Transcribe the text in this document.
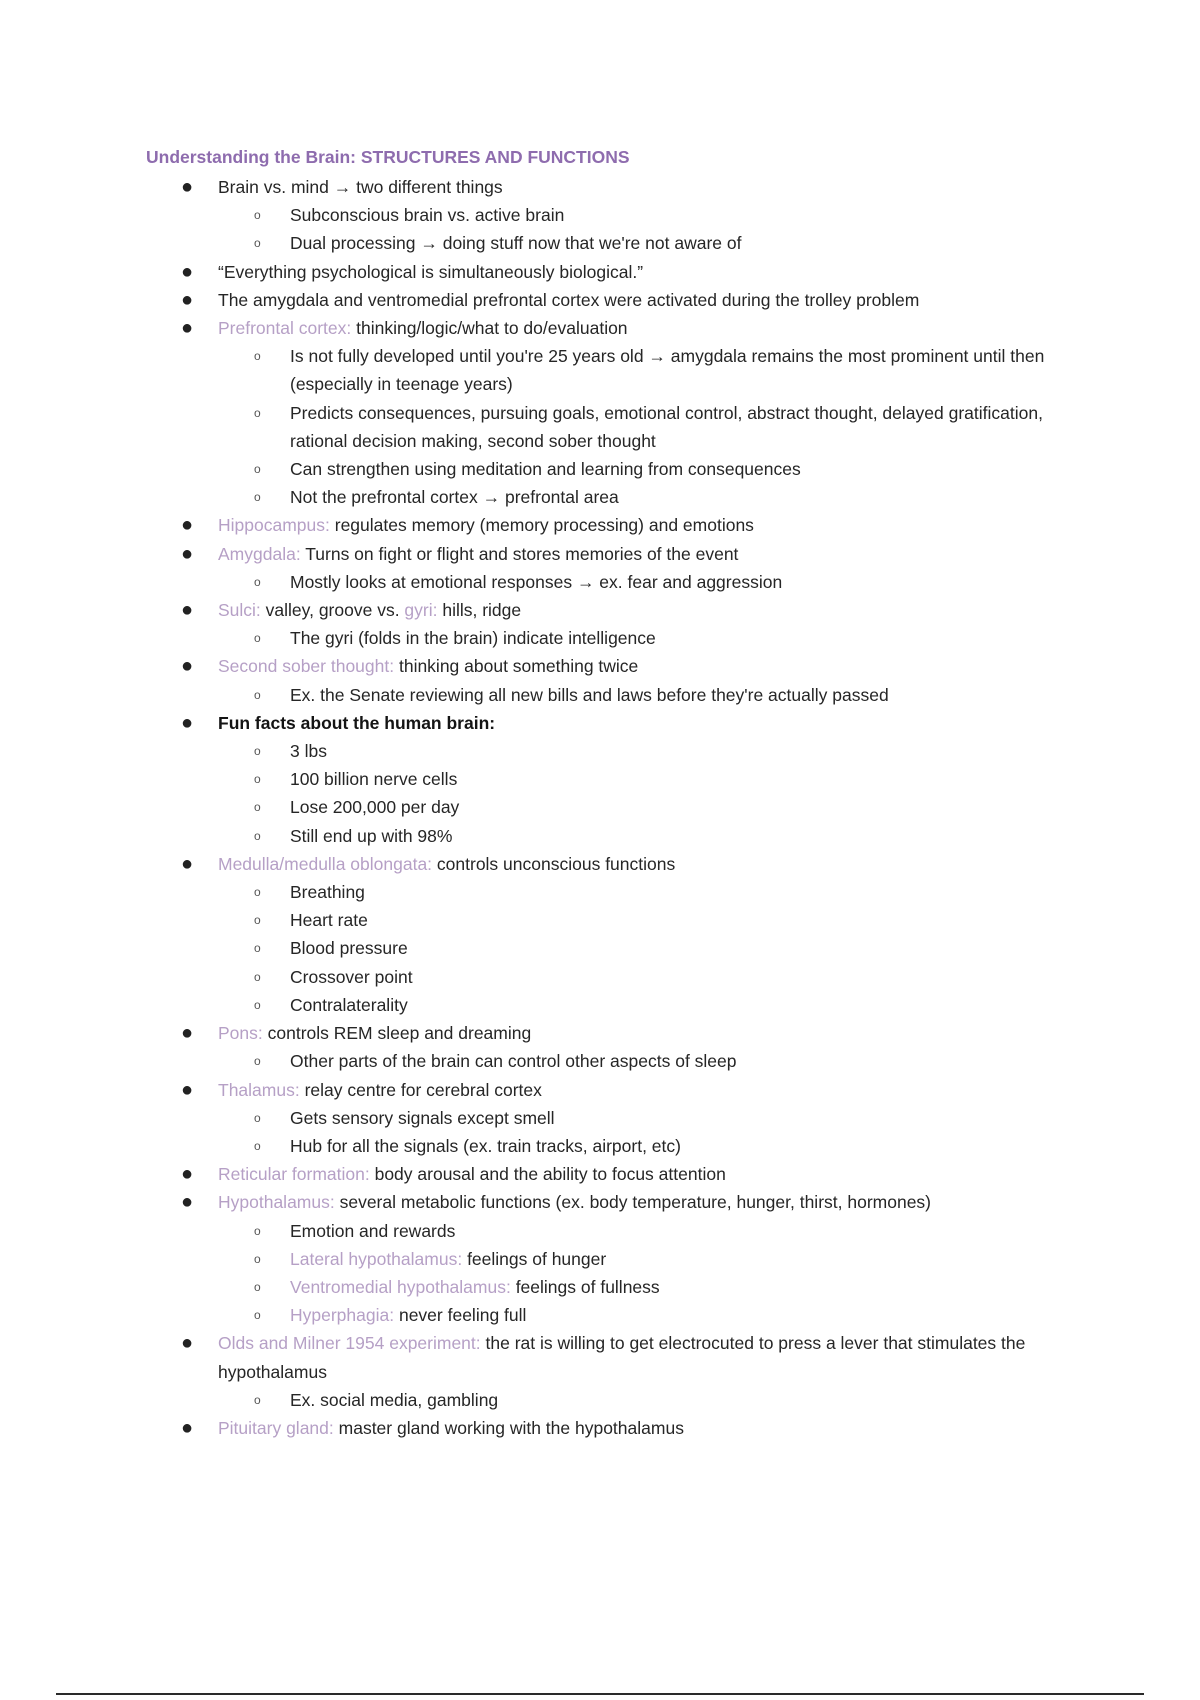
Understanding the Brain: STRUCTURES AND FUNCTIONS
● Brain vs. mind → two different things
o Subconscious brain vs. active brain
o Dual processing → doing stuff now that we're not aware of
● “Everything psychological is simultaneously biological.”
● The amygdala and ventromedial prefrontal cortex were activated during the trolley problem
● Prefrontal cortex: thinking/logic/what to do/evaluation
o Is not fully developed until you're 25 years old → amygdala remains the most prominent until then (especially in teenage years)
o Predicts consequences, pursuing goals, emotional control, abstract thought, delayed gratification, rational decision making, second sober thought
o Can strengthen using meditation and learning from consequences
o Not the prefrontal cortex → prefrontal area
● Hippocampus: regulates memory (memory processing) and emotions
● Amygdala: Turns on fight or flight and stores memories of the event
o Mostly looks at emotional responses → ex. fear and aggression
● Sulci: valley, groove vs. gyri: hills, ridge
o The gyri (folds in the brain) indicate intelligence
● Second sober thought: thinking about something twice
o Ex. the Senate reviewing all new bills and laws before they're actually passed
● Fun facts about the human brain:
o 3 lbs
o 100 billion nerve cells
o Lose 200,000 per day
o Still end up with 98%
● Medulla/medulla oblongata: controls unconscious functions
o Breathing
o Heart rate
o Blood pressure
o Crossover point
o Contralaterality
● Pons: controls REM sleep and dreaming
o Other parts of the brain can control other aspects of sleep
● Thalamus: relay centre for cerebral cortex
o Gets sensory signals except smell
o Hub for all the signals (ex. train tracks, airport, etc)
● Reticular formation: body arousal and the ability to focus attention
● Hypothalamus: several metabolic functions (ex. body temperature, hunger, thirst, hormones)
o Emotion and rewards
o Lateral hypothalamus: feelings of hunger
o Ventromedial hypothalamus: feelings of fullness
o Hyperphagia: never feeling full
● Olds and Milner 1954 experiment: the rat is willing to get electrocuted to press a lever that stimulates the hypothalamus
o Ex. social media, gambling
● Pituitary gland: master gland working with the hypothalamus
